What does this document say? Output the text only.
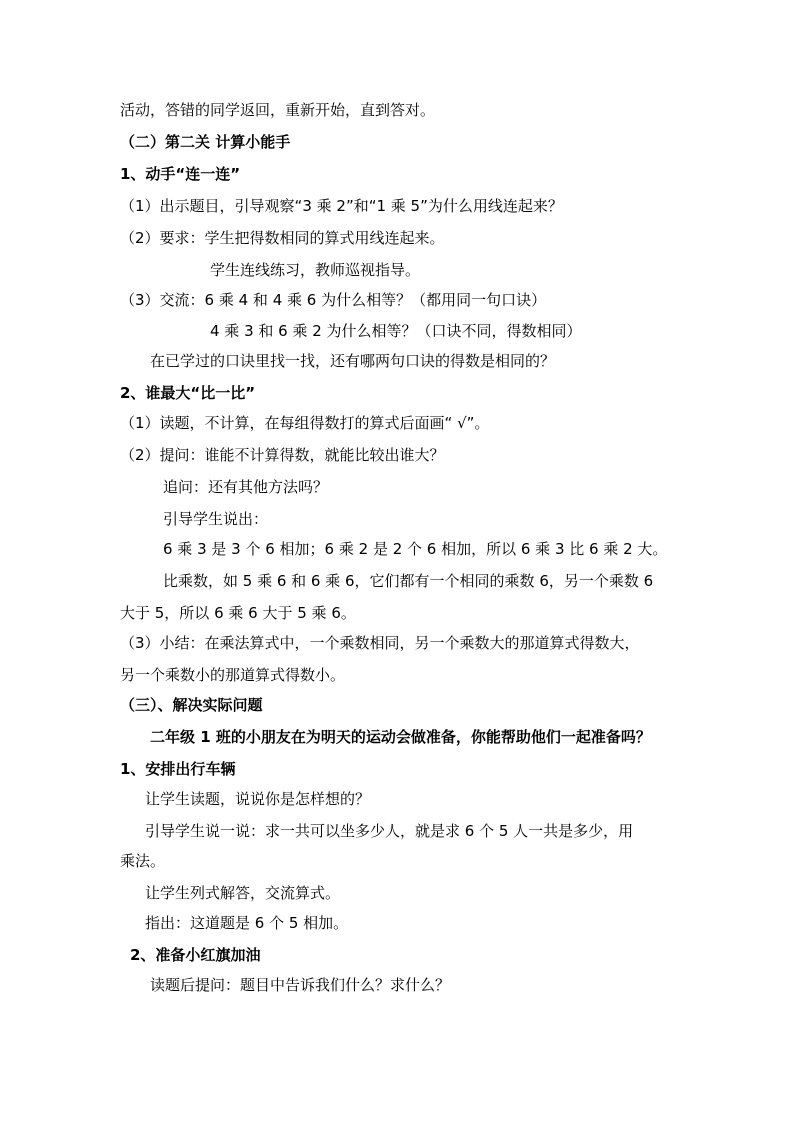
活动，答错的同学返回，重新开始，直到答对。
（二）第二关 计算小能手
1、动手“连一连”
（1）出示题目，引导观察“3 乘 2”和“1 乘 5”为什么用线连起来？
（2）要求：学生把得数相同的算式用线连起来。
学生连线练习，教师巡视指导。
（3）交流：6 乘 4 和 4 乘 6 为什么相等？（都用同一句口诀）
4 乘 3 和 6 乘 2 为什么相等？（口诀不同，得数相同）
在已学过的口诀里找一找，还有哪两句口诀的得数是相同的？
2、谁最大“比一比”
（1）读题，不计算，在每组得数打的算式后面画“ √”。
（2）提问：谁能不计算得数，就能比较出谁大？
追问：还有其他方法吗？
引导学生说出：
6 乘 3 是 3 个 6 相加；6 乘 2 是 2 个 6 相加，所以 6 乘 3 比 6 乘 2 大。
比乘数，如 5 乘 6 和 6 乘 6，它们都有一个相同的乘数 6，另一个乘数 6
大于 5，所以 6 乘 6 大于 5 乘 6。
（3）小结：在乘法算式中，一个乘数相同，另一个乘数大的那道算式得数大，
另一个乘数小的那道算式得数小。
（三）、解决实际问题
二年级 1 班的小朋友在为明天的运动会做准备，你能帮助他们一起准备吗？
1、安排出行车辆
让学生读题，说说你是怎样想的？
引导学生说一说：求一共可以坐多少人，就是求 6 个 5 人一共是多少，用
乘法。
让学生列式解答，交流算式。
指出：这道题是 6 个 5 相加。
2、准备小红旗加油
读题后提问：题目中告诉我们什么？求什么？
